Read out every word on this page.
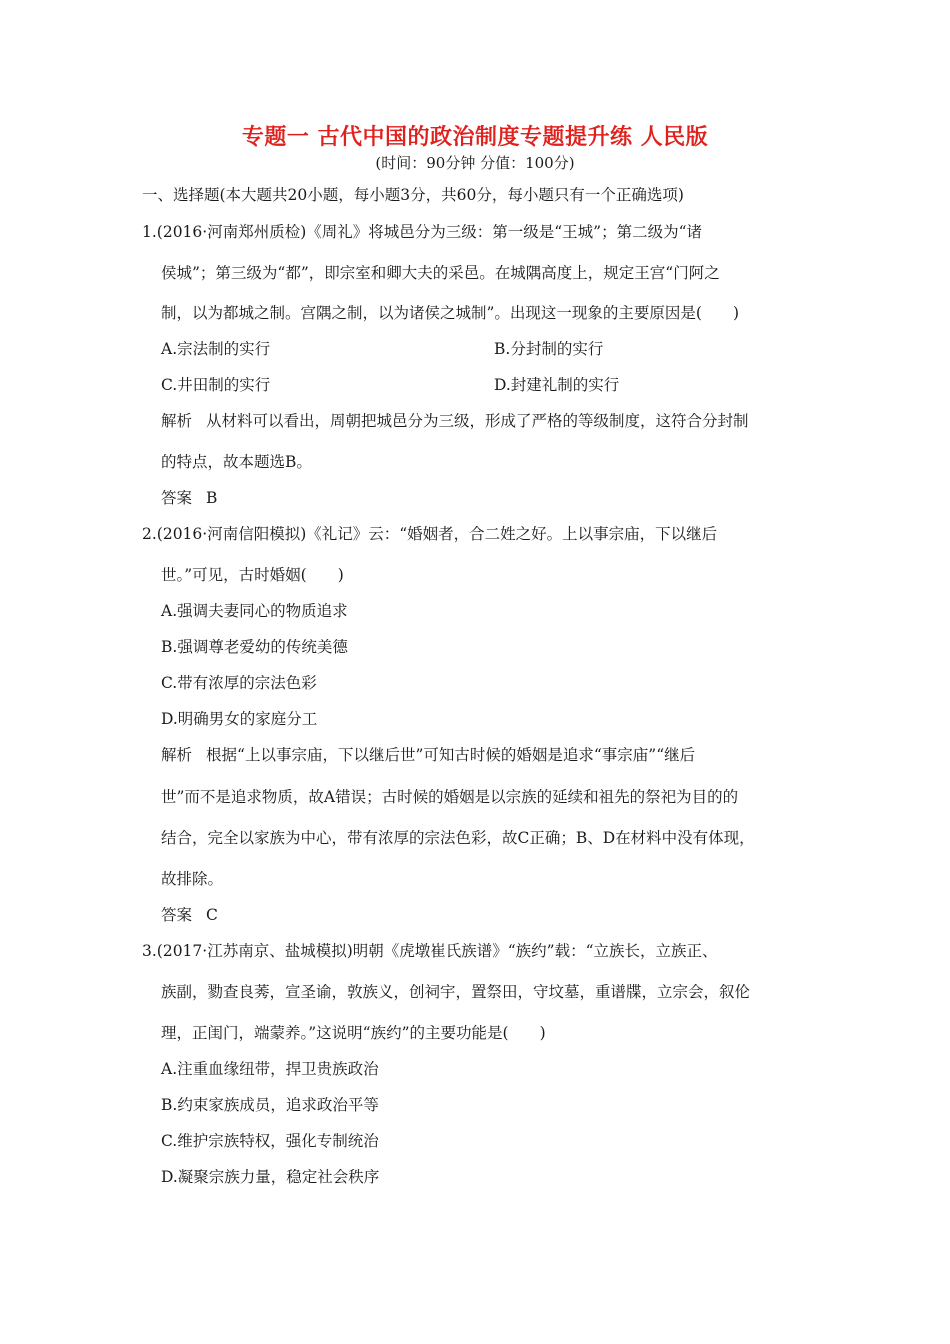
专题一 古代中国的政治制度专题提升练 人民版
(时间：90分钟 分值：100分)
一、选择题(本大题共20小题，每小题3分，共60分，每小题只有一个正确选项)
1.(2016·河南郑州质检)《周礼》将城邑分为三级：第一级是“王城”；第二级为“诸
侯城”；第三级为“都”，即宗室和卿大夫的采邑。在城隅高度上，规定王宫“门阿之
制，以为都城之制。宫隅之制，以为诸侯之城制”。出现这一现象的主要原因是(　　)
A.宗法制的实行	B.分封制的实行
C.井田制的实行	D.封建礼制的实行
解析 从材料可以看出，周朝把城邑分为三级，形成了严格的等级制度，这符合分封制
的特点，故本题选B。
答案 B
2.(2016·河南信阳模拟)《礼记》云：“婚姻者，合二姓之好。上以事宗庙，下以继后
世。”可见，古时婚姻(　　)
A.强调夫妻同心的物质追求
B.强调尊老爱幼的传统美德
C.带有浓厚的宗法色彩
D.明确男女的家庭分工
解析 根据“上以事宗庙，下以继后世”可知古时候的婚姻是追求“事宗庙”“继后
世”而不是追求物质，故A错误；古时候的婚姻是以宗族的延续和祖先的祭祀为目的的
结合，完全以家族为中心，带有浓厚的宗法色彩，故C正确；B、D在材料中没有体现，
故排除。
答案 C
3.(2017·江苏南京、盐城模拟)明朝《虎墩崔氏族谱》“族约”载：“立族长，立族正、
族副，勠查良莠，宣圣谕，敦族义，创祠宇，置祭田，守坟墓，重谱牒，立宗会，叙伦
理，正闺门，端蒙养。”这说明“族约”的主要功能是(　　)
A.注重血缘纽带，捍卫贵族政治
B.约束家族成员，追求政治平等
C.维护宗族特权，强化专制统治
D.凝聚宗族力量，稳定社会秩序
